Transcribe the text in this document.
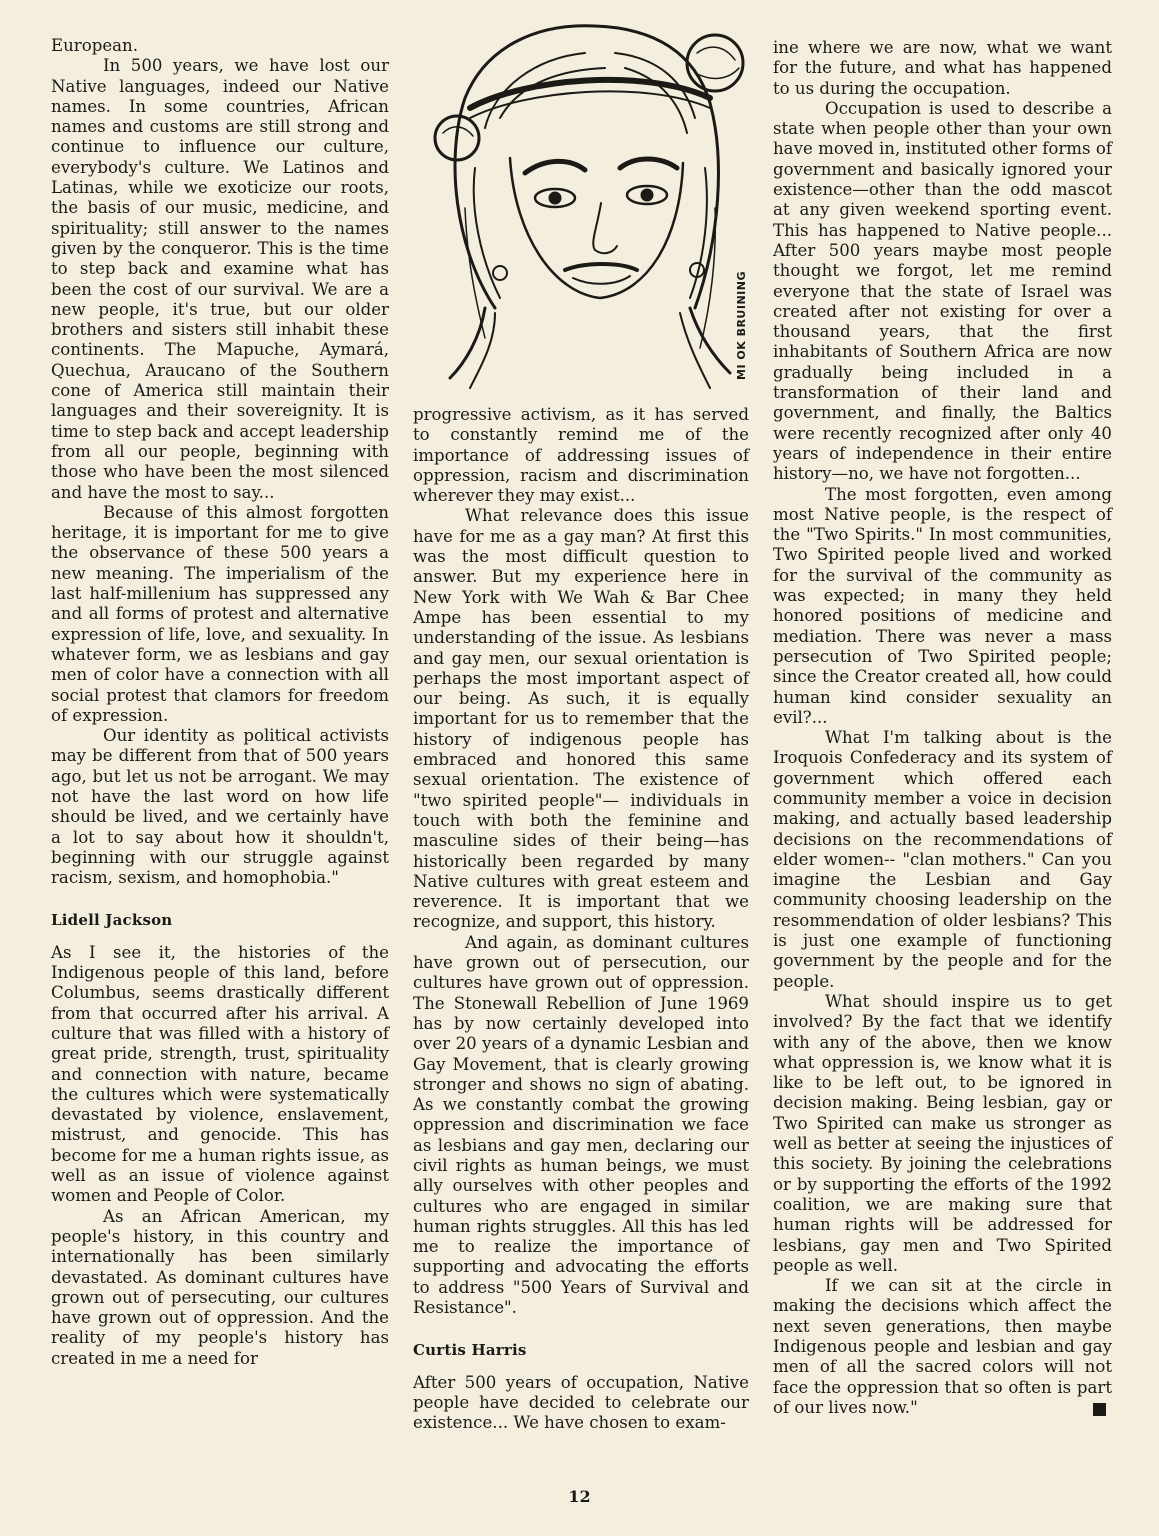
MI OK BRUINING

European.

In 500 years, we have lost our Native languages, indeed our Native names. In some countries, African names and customs are still strong and continue to influence our culture, everybody's culture. We Latinos and Latinas, while we exoticize our roots, the basis of our music, medicine, and spirituality; still answer to the names given by the conqueror. This is the time to step back and examine what has been the cost of our survival. We are a new people, it's true, but our older brothers and sisters still inhabit these continents. The Mapuche, Aymará, Quechua, Araucano of the Southern cone of America still maintain their languages and their sovereignity. It is time to step back and accept leadership from all our people, beginning with those who have been the most silenced and have the most to say...

Because of this almost forgotten heritage, it is important for me to give the observance of these 500 years a new meaning. The imperialism of the last half-millenium has suppressed any and all forms of protest and alternative expression of life, love, and sexuality. In whatever form, we as lesbians and gay men of color have a connection with all social protest that clamors for freedom of expression.

Our identity as political activists may be different from that of 500 years ago, but let us not be arrogant. We may not have the last word on how life should be lived, and we certainly have a lot to say about how it shouldn't, beginning with our struggle against racism, sexism, and homophobia."

Lidell Jackson

As I see it, the histories of the Indigenous people of this land, before Columbus, seems drastically different from that occurred after his arrival. A culture that was filled with a history of great pride, strength, trust, spirituality and connection with nature, became the cultures which were systematically devastated by violence, enslavement, mistrust, and genocide. This has become for me a human rights issue, as well as an issue of violence against women and People of Color.

As an African American, my people's history, in this country and internationally has been similarly devastated. As dominant cultures have grown out of persecuting, our cultures have grown out of oppression. And the reality of my people's history has created in me a need for

progressive activism, as it has served to constantly remind me of the importance of addressing issues of oppression, racism and discrimination wherever they may exist...

What relevance does this issue have for me as a gay man? At first this was the most difficult question to answer. But my experience here in New York with We Wah & Bar Chee Ampe has been essential to my understanding of the issue. As lesbians and gay men, our sexual orientation is perhaps the most important aspect of our being. As such, it is equally important for us to remember that the history of indigenous people has embraced and honored this same sexual orientation. The existence of "two spirited people"— individuals in touch with both the feminine and masculine sides of their being—has historically been regarded by many Native cultures with great esteem and reverence. It is important that we recognize, and support, this history.

And again, as dominant cultures have grown out of persecution, our cultures have grown out of oppression. The Stonewall Rebellion of June 1969 has by now certainly developed into over 20 years of a dynamic Lesbian and Gay Movement, that is clearly growing stronger and shows no sign of abating. As we constantly combat the growing oppression and discrimination we face as lesbians and gay men, declaring our civil rights as human beings, we must ally ourselves with other peoples and cultures who are engaged in similar human rights struggles. All this has led me to realize the importance of supporting and advocating the efforts to address "500 Years of Survival and Resistance".

Curtis Harris

After 500 years of occupation, Native people have decided to celebrate our existence... We have chosen to exam-

ine where we are now, what we want for the future, and what has happened to us during the occupation.

Occupation is used to describe a state when people other than your own have moved in, instituted other forms of government and basically ignored your existence—other than the odd mascot at any given weekend sporting event. This has happened to Native people... After 500 years maybe most people thought we forgot, let me remind everyone that the state of Israel was created after not existing for over a thousand years, that the first inhabitants of Southern Africa are now gradually being included in a transformation of their land and government, and finally, the Baltics were recently recognized after only 40 years of independence in their entire history—no, we have not forgotten...

The most forgotten, even among most Native people, is the respect of the "Two Spirits." In most communities, Two Spirited people lived and worked for the survival of the community as was expected; in many they held honored positions of medicine and mediation. There was never a mass persecution of Two Spirited people; since the Creator created all, how could human kind consider sexuality an evil?...

What I'm talking about is the Iroquois Confederacy and its system of government which offered each community member a voice in decision making, and actually based leadership decisions on the recommendations of elder women-- "clan mothers." Can you imagine the Lesbian and Gay community choosing leadership on the resommendation of older lesbians? This is just one example of functioning government by the people and for the people.

What should inspire us to get involved? By the fact that we identify with any of the above, then we know what oppression is, we know what it is like to be left out, to be ignored in decision making. Being lesbian, gay or Two Spirited can make us stronger as well as better at seeing the injustices of this society. By joining the celebrations or by supporting the efforts of the 1992 coalition, we are making sure that human rights will be addressed for lesbians, gay men and Two Spirited people as well.

If we can sit at the circle in making the decisions which affect the next seven generations, then maybe Indigenous people and lesbian and gay men of all the sacred colors will not face the oppression that so often is part of our lives now."

12
